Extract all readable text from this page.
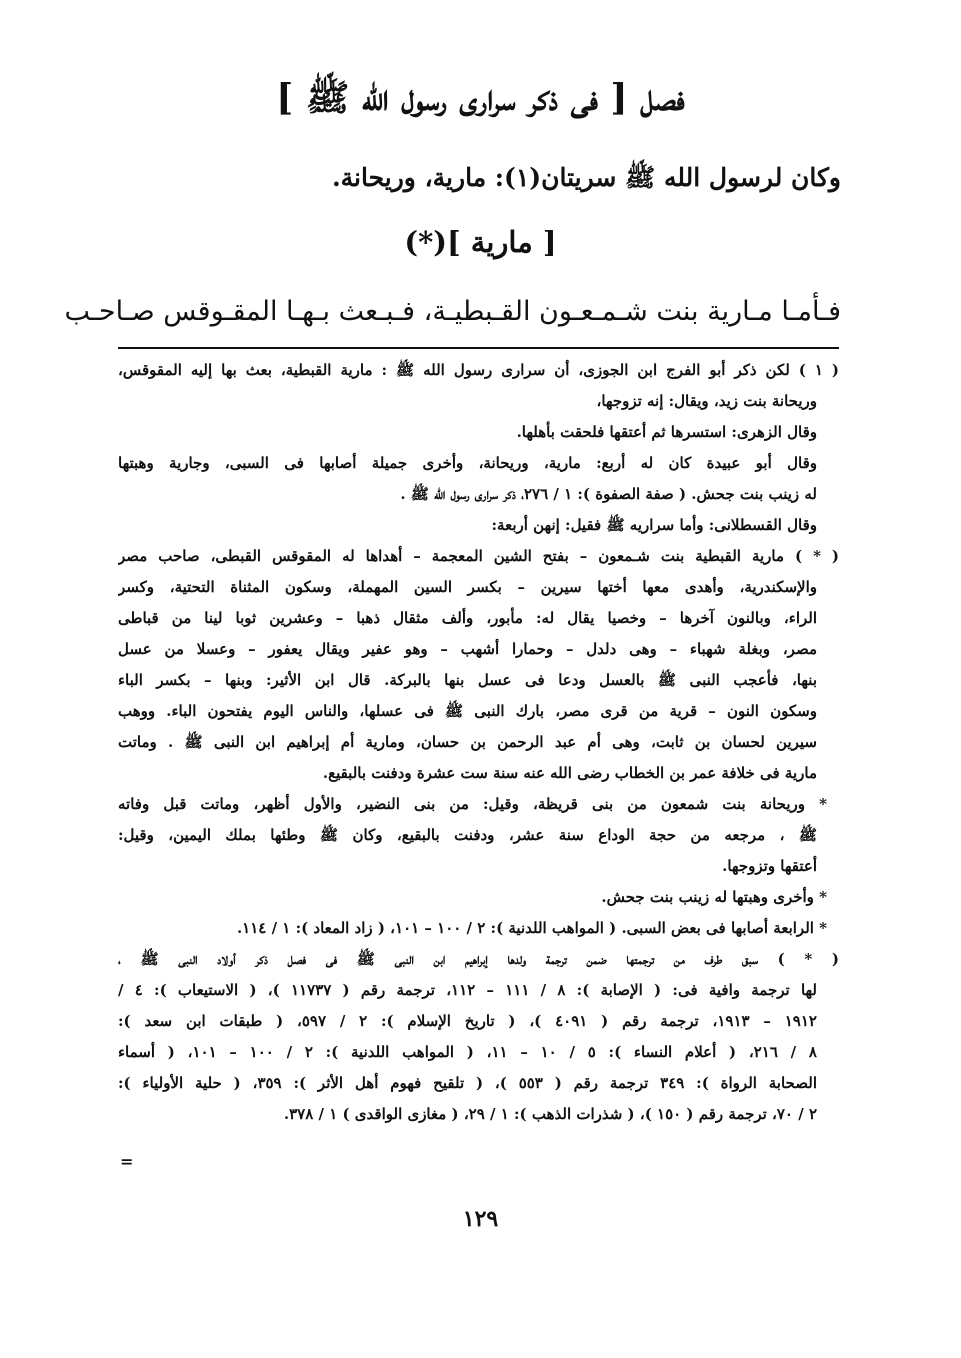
فصل [ فى ذكر سرارى رسول الله ﷺ ]
وكان لرسول الله ﷺ سريتان(١): مارية، وريحانة.
[ مارية ](*)
فـأمـا مـارية بنت شـمـعـون القـبطيـة، فـبـعث بـهـا المقـوقس صـاحـب
( ١ ) لكن ذكر أبو الفرج ابن الجوزى، أن سرارى رسول الله ﷺ : مارية القبطية، بعث بها إليه المقوقس،
وريحانة بنت زيد، ويقال: إنه تزوجها،
وقال الزهرى: استسرها ثم أعتقها فلحقت بأهلها.
وقال أبو عبيدة كان له أربع: مارية، وريحانة، وأخرى جميلة أصابها فى السبى، وجارية وهبتها
له زينب بنت جحش. ( صفة الصفوة ): ١ / ٢٧٦، ذكر سرارى رسول الله ﷺ .
وقال القسطلانى: وأما سراريه ﷺ فقيل: إنهن أربعة:
( * ) مارية القبطية بنت شـمعون – بفتح الشين المعجمة – أهداها له المقوقس القبطى، صاحب مصر
والإسكندرية، وأهدى معها أختها سيرين – بكسر السين المهملة، وسكون المثناة التحتية، وكسر
الراء، وبالنون آخرها – وخصيا يقال له: مأبور، وألف مثقال ذهبا – وعشرين ثوبا لينا من قباطى
مصر، وبغلة شهباء – وهى دلدل – وحمارا أشهب – وهو عفير ويقال يعفور – وعسلا من عسل
بنها، فأعجب النبى ﷺ بالعسل ودعا فى عسل بنها بالبركة. قال ابن الأثير: وبنها – بكسر الباء
وسكون النون – قرية من قرى مصر، بارك النبى ﷺ فى عسلها، والناس اليوم يفتحون الباء. ووهب
سيرين لحسان بن ثابت، وهى أم عبد الرحمن بن حسان، ومارية أم إبراهيم ابن النبى ﷺ . وماتت
مارية فى خلافة عمر بن الخطاب رضى الله عنه سنة ست عشرة ودفنت بالبقيع.
* وريحانة بنت شمعون من بنى قريظة، وقيل: من بنى النضير، والأول أظهر، وماتت قبل وفاته
ﷺ ، مرجعه من حجة الوداع سنة عشر، ودفنت بالبقيع، وكان ﷺ وطئها بملك اليمين، وقيل:
أعتقها وتزوجها.
* وأخرى وهبتها له زينب بنت جحش.
* الرابعة أصابها فى بعض السبى. ( المواهب اللدنية ): ٢ / ١٠٠ – ١٠١، ( زاد المعاد ): ١ / ١١٤.
( * ) سبق طرف من ترجمتها ضمن ترجمة ولدها إبراهيم ابن النبى ﷺ فى فصل ذكر أولاد النبى ﷺ ،
لها ترجمة وافية فى: ( الإصابة ): ٨ / ١١١ – ١١٢، ترجمة رقم ( ١١٧٣٧ )، ( الاستيعاب ): ٤ /
١٩١٢ – ١٩١٣، ترجمة رقم ( ٤٠٩١ )، ( تاريخ الإسلام ): ٢ / ٥٩٧، ( طبقات ابن سعد ):
٨ / ٢١٦، ( أعلام النساء ): ٥ / ١٠ – ١١، ( المواهب اللدنية ): ٢ / ١٠٠ – ١٠١، ( أسماء
الصحابة الرواة ): ٣٤٩ ترجمة رقم ( ٥٥٣ )، ( تلقيح فهوم أهل الأثر ): ٣٥٩، ( حلية الأولياء ):
٢ / ٧٠، ترجمة رقم ( ١٥٠ )، ( شذرات الذهب ): ١ / ٢٩، ( مغازى الواقدى ) ١ / ٣٧٨.
=
١٢٩
